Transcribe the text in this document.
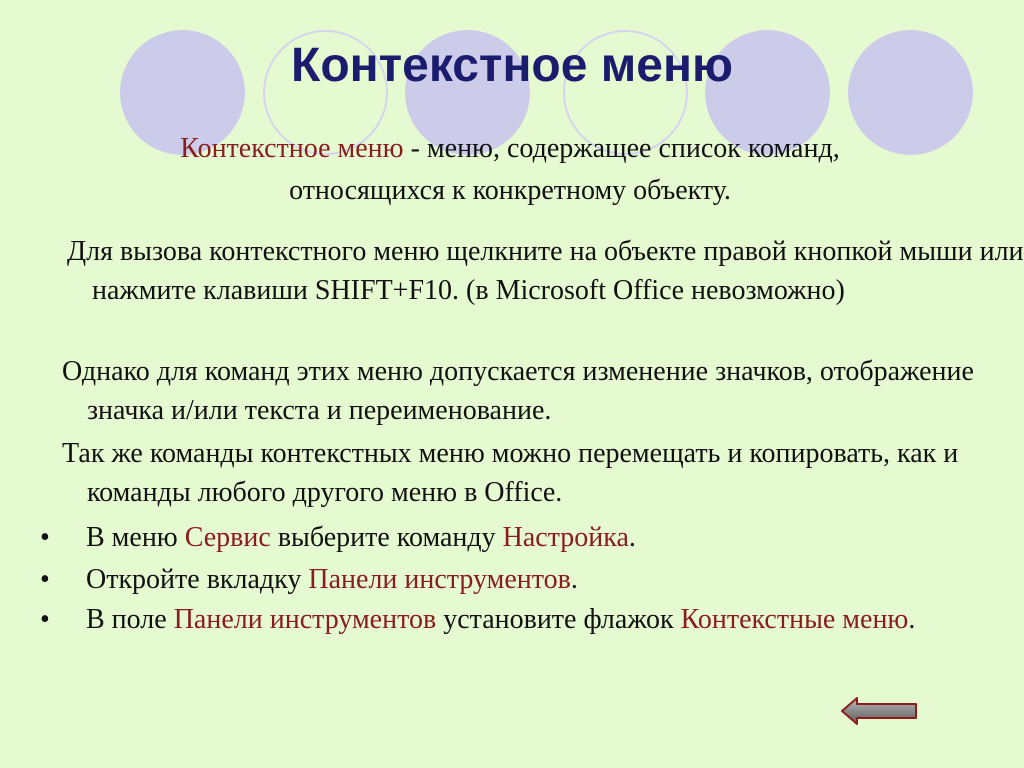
Контекстное меню
Контекстное меню - меню, содержащее список команд, относящихся к конкретному объекту.

Для вызова контекстного меню щелкните на объекте правой кнопкой мыши или нажмите клавиши SHIFT+F10. (в Microsoft Office невозможно)

Однако для команд этих меню допускается изменение значков, отображение значка и/или текста и переименование.

Так же команды контекстных меню можно перемещать и копировать, как и команды любого другого меню в Office.

•	В меню Сервис выберите команду Настройка.
•	Откройте вкладку Панели инструментов.
•	В поле Панели инструментов установите флажок Контекстные меню.
